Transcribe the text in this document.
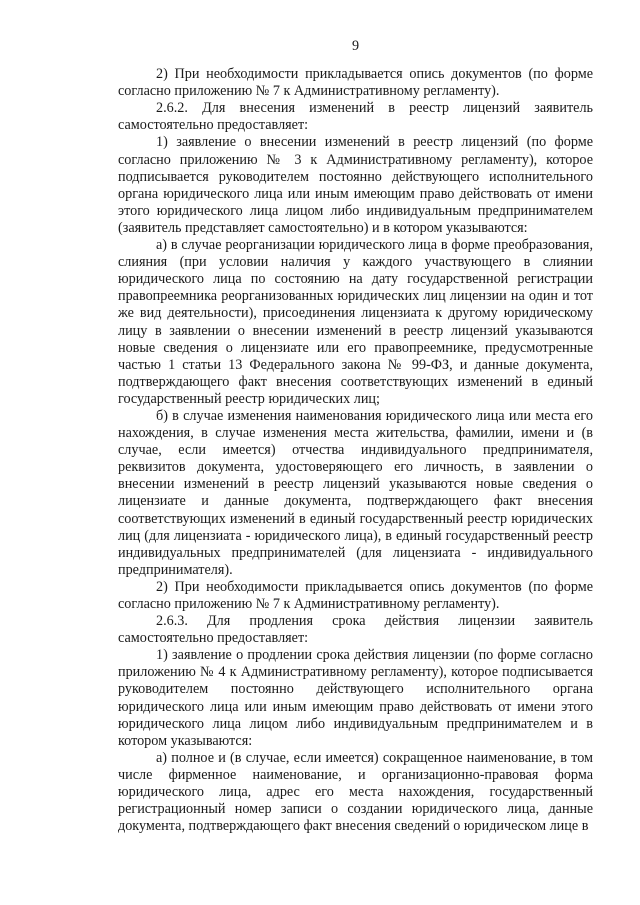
9

2) При необходимости прикладывается опись документов (по форме согласно приложению № 7 к Административному регламенту).

2.6.2. Для внесения изменений в реестр лицензий заявитель самостоятельно предоставляет:

1) заявление о внесении изменений в реестр лицензий (по форме согласно приложению № 3 к Административному регламенту), которое подписывается руководителем постоянно действующего исполнительного органа юридического лица или иным имеющим право действовать от имени этого юридического лица лицом либо индивидуальным предпринимателем (заявитель представляет самостоятельно) и в котором указываются:

а) в случае реорганизации юридического лица в форме преобразования, слияния (при условии наличия у каждого участвующего в слиянии юридического лица по состоянию на дату государственной регистрации правопреемника реорганизованных юридических лиц лицензии на один и тот же вид деятельности), присоединения лицензиата к другому юридическому лицу в заявлении о внесении изменений в реестр лицензий указываются новые сведения о лицензиате или его правопреемнике, предусмотренные частью 1 статьи 13 Федерального закона № 99-ФЗ, и данные документа, подтверждающего факт внесения соответствующих изменений в единый государственный реестр юридических лиц;

б) в случае изменения наименования юридического лица или места его нахождения, в случае изменения места жительства, фамилии, имени и (в случае, если имеется) отчества индивидуального предпринимателя, реквизитов документа, удостоверяющего его личность, в заявлении о внесении изменений в реестр лицензий указываются новые сведения о лицензиате и данные документа, подтверждающего факт внесения соответствующих изменений в единый государственный реестр юридических лиц (для лицензиата - юридического лица), в единый государственный реестр индивидуальных предпринимателей (для лицензиата - индивидуального предпринимателя).

2) При необходимости прикладывается опись документов (по форме согласно приложению № 7 к Административному регламенту).

2.6.3. Для продления срока действия лицензии заявитель самостоятельно предоставляет:

1) заявление о продлении срока действия лицензии (по форме согласно приложению № 4 к Административному регламенту), которое подписывается руководителем постоянно действующего исполнительного органа юридического лица или иным имеющим право действовать от имени этого юридического лица лицом либо индивидуальным предпринимателем и в котором указываются:

а) полное и (в случае, если имеется) сокращенное наименование, в том числе фирменное наименование, и организационно-правовая форма юридического лица, адрес его места нахождения, государственный регистрационный номер записи о создании юридического лица, данные документа, подтверждающего факт внесения сведений о юридическом лице в
